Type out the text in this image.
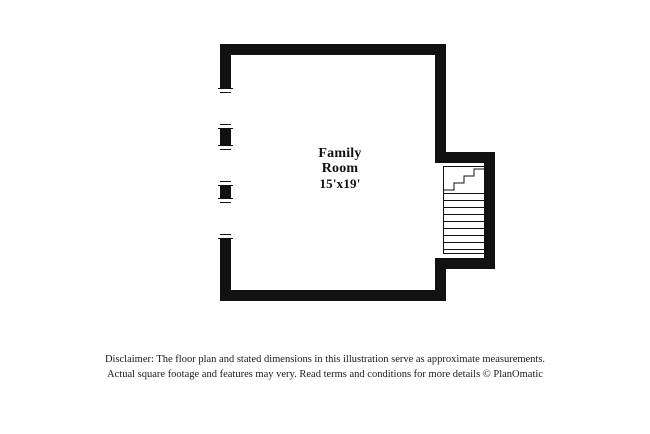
Family
Room
15'x19'
Disclaimer: The floor plan and stated dimensions in this illustration serve as approximate measurements.
Actual square footage and features may very. Read terms and conditions for more details © PlanOmatic
